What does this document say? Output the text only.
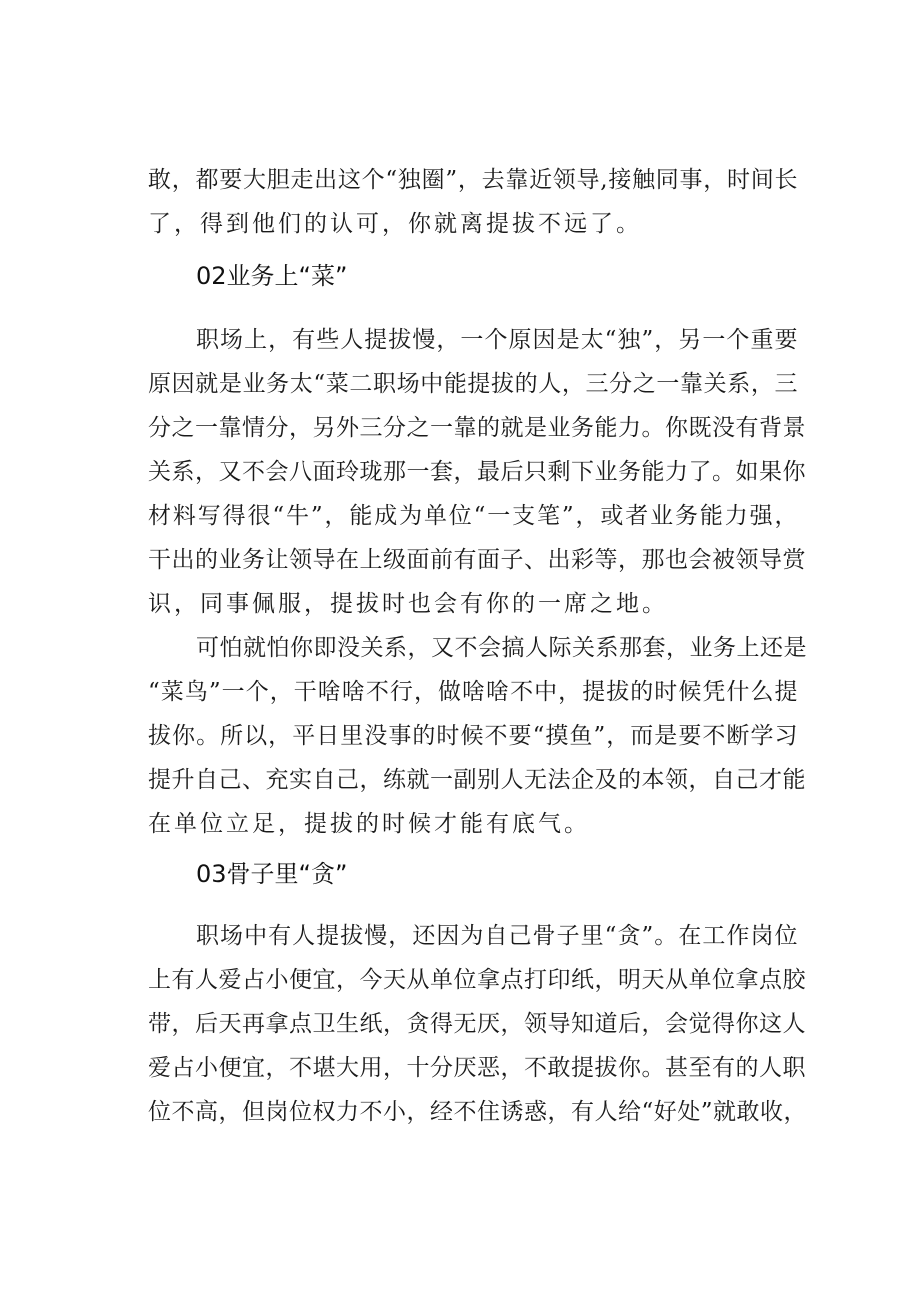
敢，都要大胆走出这个“独圈”，去靠近领导,接触同事，时间长
了，得到他们的认可，你就离提拔不远了。
02业务上“菜”
职场上，有些人提拔慢，一个原因是太“独”，另一个重要
原因就是业务太“菜二职场中能提拔的人，三分之一靠关系，三
分之一靠情分，另外三分之一靠的就是业务能力。你既没有背景
关系，又不会八面玲珑那一套，最后只剩下业务能力了。如果你
材料写得很“牛”，能成为单位“一支笔”，或者业务能力强，
干出的业务让领导在上级面前有面子、出彩等，那也会被领导赏
识，同事佩服，提拔时也会有你的一席之地。
可怕就怕你即没关系，又不会搞人际关系那套，业务上还是
“菜鸟”一个，干啥啥不行，做啥啥不中，提拔的时候凭什么提
拔你。所以，平日里没事的时候不要“摸鱼”，而是要不断学习
提升自己、充实自己，练就一副别人无法企及的本领，自己才能
在单位立足，提拔的时候才能有底气。
03骨子里“贪”
职场中有人提拔慢，还因为自己骨子里“贪”。在工作岗位
上有人爱占小便宜，今天从单位拿点打印纸，明天从单位拿点胶
带，后天再拿点卫生纸，贪得无厌，领导知道后，会觉得你这人
爱占小便宜，不堪大用，十分厌恶，不敢提拔你。甚至有的人职
位不高，但岗位权力不小，经不住诱惑，有人给“好处”就敢收，
